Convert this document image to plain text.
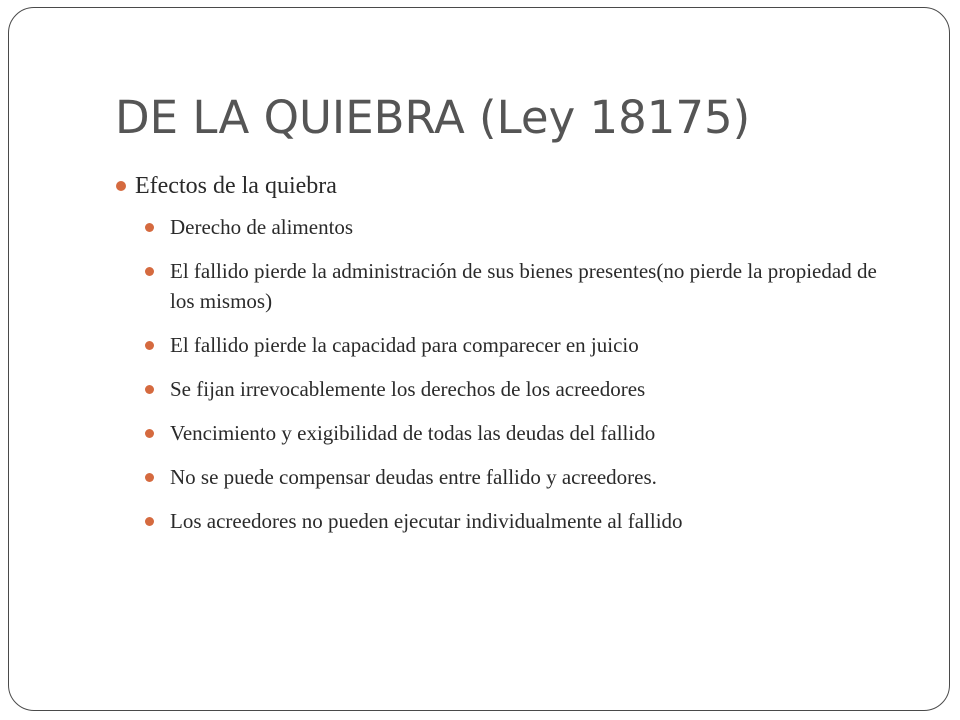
DE LA QUIEBRA (Ley 18175)
Efectos de la quiebra
Derecho de alimentos
El fallido pierde la administración de sus bienes presentes(no pierde la propiedad de los mismos)
El fallido pierde la capacidad para comparecer en juicio
Se fijan irrevocablemente los derechos de los acreedores
Vencimiento y exigibilidad de todas las deudas del fallido
No se puede compensar deudas entre fallido y acreedores.
Los acreedores no pueden ejecutar individualmente al fallido
